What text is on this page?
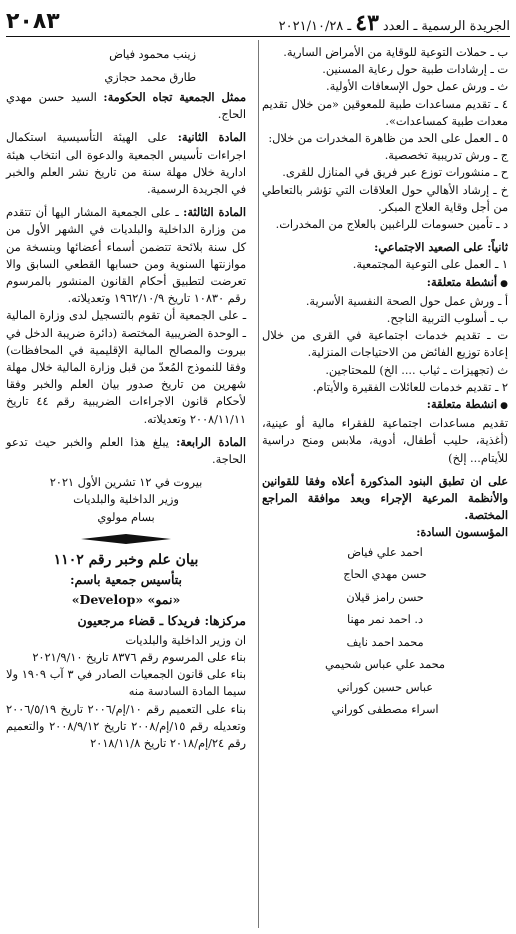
الجريدة الرسمية ـ العدد
٤٣
ـ ٢٠٢١/١٠/٢٨
٢٠٨٣

ب ـ حملات التوعية للوقاية من الأمراض السارية.

ت ـ إرشادات طبية حول رعاية المسنين.

ث ـ ورش عمل حول الإسعافات الأولية.

٤ ـ تقديم مساعدات طبية للمعوقين «من خلال تقديم معدات طبية كمساعدات».

٥ ـ العمل على الحد من ظاهرة المخدرات من خلال:

ج ـ ورش تدريبية تخصصية.

ح ـ منشورات توزع عبر فريق في المنازل للقرى.

خ ـ إرشاد الأهالي حول العلاقات التي تؤشر بالتعاطي من أجل وقاية العلاج المبكر.

د ـ تأمين حسومات للراغبين بالعلاج من المخدرات.

ثانياً: على الصعيد الاجتماعي:

١ ـ العمل على التوعية المجتمعية.

● أنشطة متعلقة:

أ ـ ورش عمل حول الصحة النفسية الأسرية.

ب ـ أسلوب التربية الناجح.

ت ـ تقديم خدمات اجتماعية في القرى من خلال إعادة توزيع الفائض من الاحتياجات المنزلية.

ث (تجهيزات ـ ثياب .... الخ) للمحتاجين.

٢ ـ تقديم خدمات للعائلات الفقيرة والأيتام.

● انشطة متعلقة:

تقديم مساعدات اجتماعية للفقراء مالية أو عينية، (أغذية، حليب أطفال، أدوية، ملابس ومنح دراسية للأيتام... إلخ)

على ان تطبق البنود المذكورة أعلاه وفقا للقوانين والأنظمة المرعية الإجراء وبعد موافقة المراجع المختصة.

المؤسسون السادة:

احمد علي فياض
حسن مهدي الحاج
حسن رامز قيلان
د. احمد نمر مهنا
محمد احمد نايف
محمد علي عباس شحيمي
عباس حسين كوراني
اسراء مصطفى كوراني
زينب محمود فياض
طارق محمد حجازي

ممثل الجمعية تجاه الحكومة: السيد حسن مهدي الحاج.

المادة الثانية: على الهيئة التأسيسية استكمال اجراءات تأسيس الجمعية والدعوة الى انتخاب هيئة ادارية خلال مهلة سنة من تاريخ نشر العلم والخبر في الجريدة الرسمية.

المادة الثالثة: ـ على الجمعية المشار اليها أن تتقدم من وزارة الداخلية والبلديات في الشهر الأول من كل سنة بلائحة تتضمن أسماء أعضائها وبنسخة من موازنتها السنوية ومن حسابها القطعي السابق والا تعرضت لتطبيق أحكام القانون المنشور بالمرسوم رقم ١٠٨٣٠ تاريخ ١٩٦٢/١٠/٩ وتعديلاته.

ـ على الجمعية أن تقوم بالتسجيل لدى وزارة المالية ـ الوحدة الضريبية المختصة (دائرة ضريبة الدخل في بيروت والمصالح المالية الإقليمية في المحافظات) وفقا للنموذج المُعدّ من قبل وزارة المالية خلال مهلة شهرين من تاريخ صدور بيان العلم والخبر وفقا لأحكام قانون الاجراءات الضريبية رقم ٤٤ تاريخ ٢٠٠٨/١١/١١ وتعديلاته.

المادة الرابعة: يبلغ هذا العلم والخبر حيث تدعو الحاجة.

بيروت في ١٢ تشرين الأول ٢٠٢١

وزير الداخلية والبلديات

بسام مولوي

بيان علم وخبر رقم ١١٠٢

بتأسيس جمعية باسم:

«نمو» «Develop»

مركزها: فريدكا ـ قضاء مرجعيون

ان وزير الداخلية والبلديات

بناء على المرسوم رقم ٨٣٧٦ تاريخ ٢٠٢١/٩/١٠

بناء على قانون الجمعيات الصادر في ٣ آب ١٩٠٩ ولا سيما المادة السادسة منه

بناء على التعميم رقم ١٠/إم/٢٠٠٦ تاريخ ٢٠٠٦/٥/١٩ وتعديله رقم ١٥/إم/٢٠٠٨ تاريخ ٢٠٠٨/٩/١٢ والتعميم رقم ٢٤/إم/٢٠١٨ تاريخ ٢٠١٨/١١/٨
